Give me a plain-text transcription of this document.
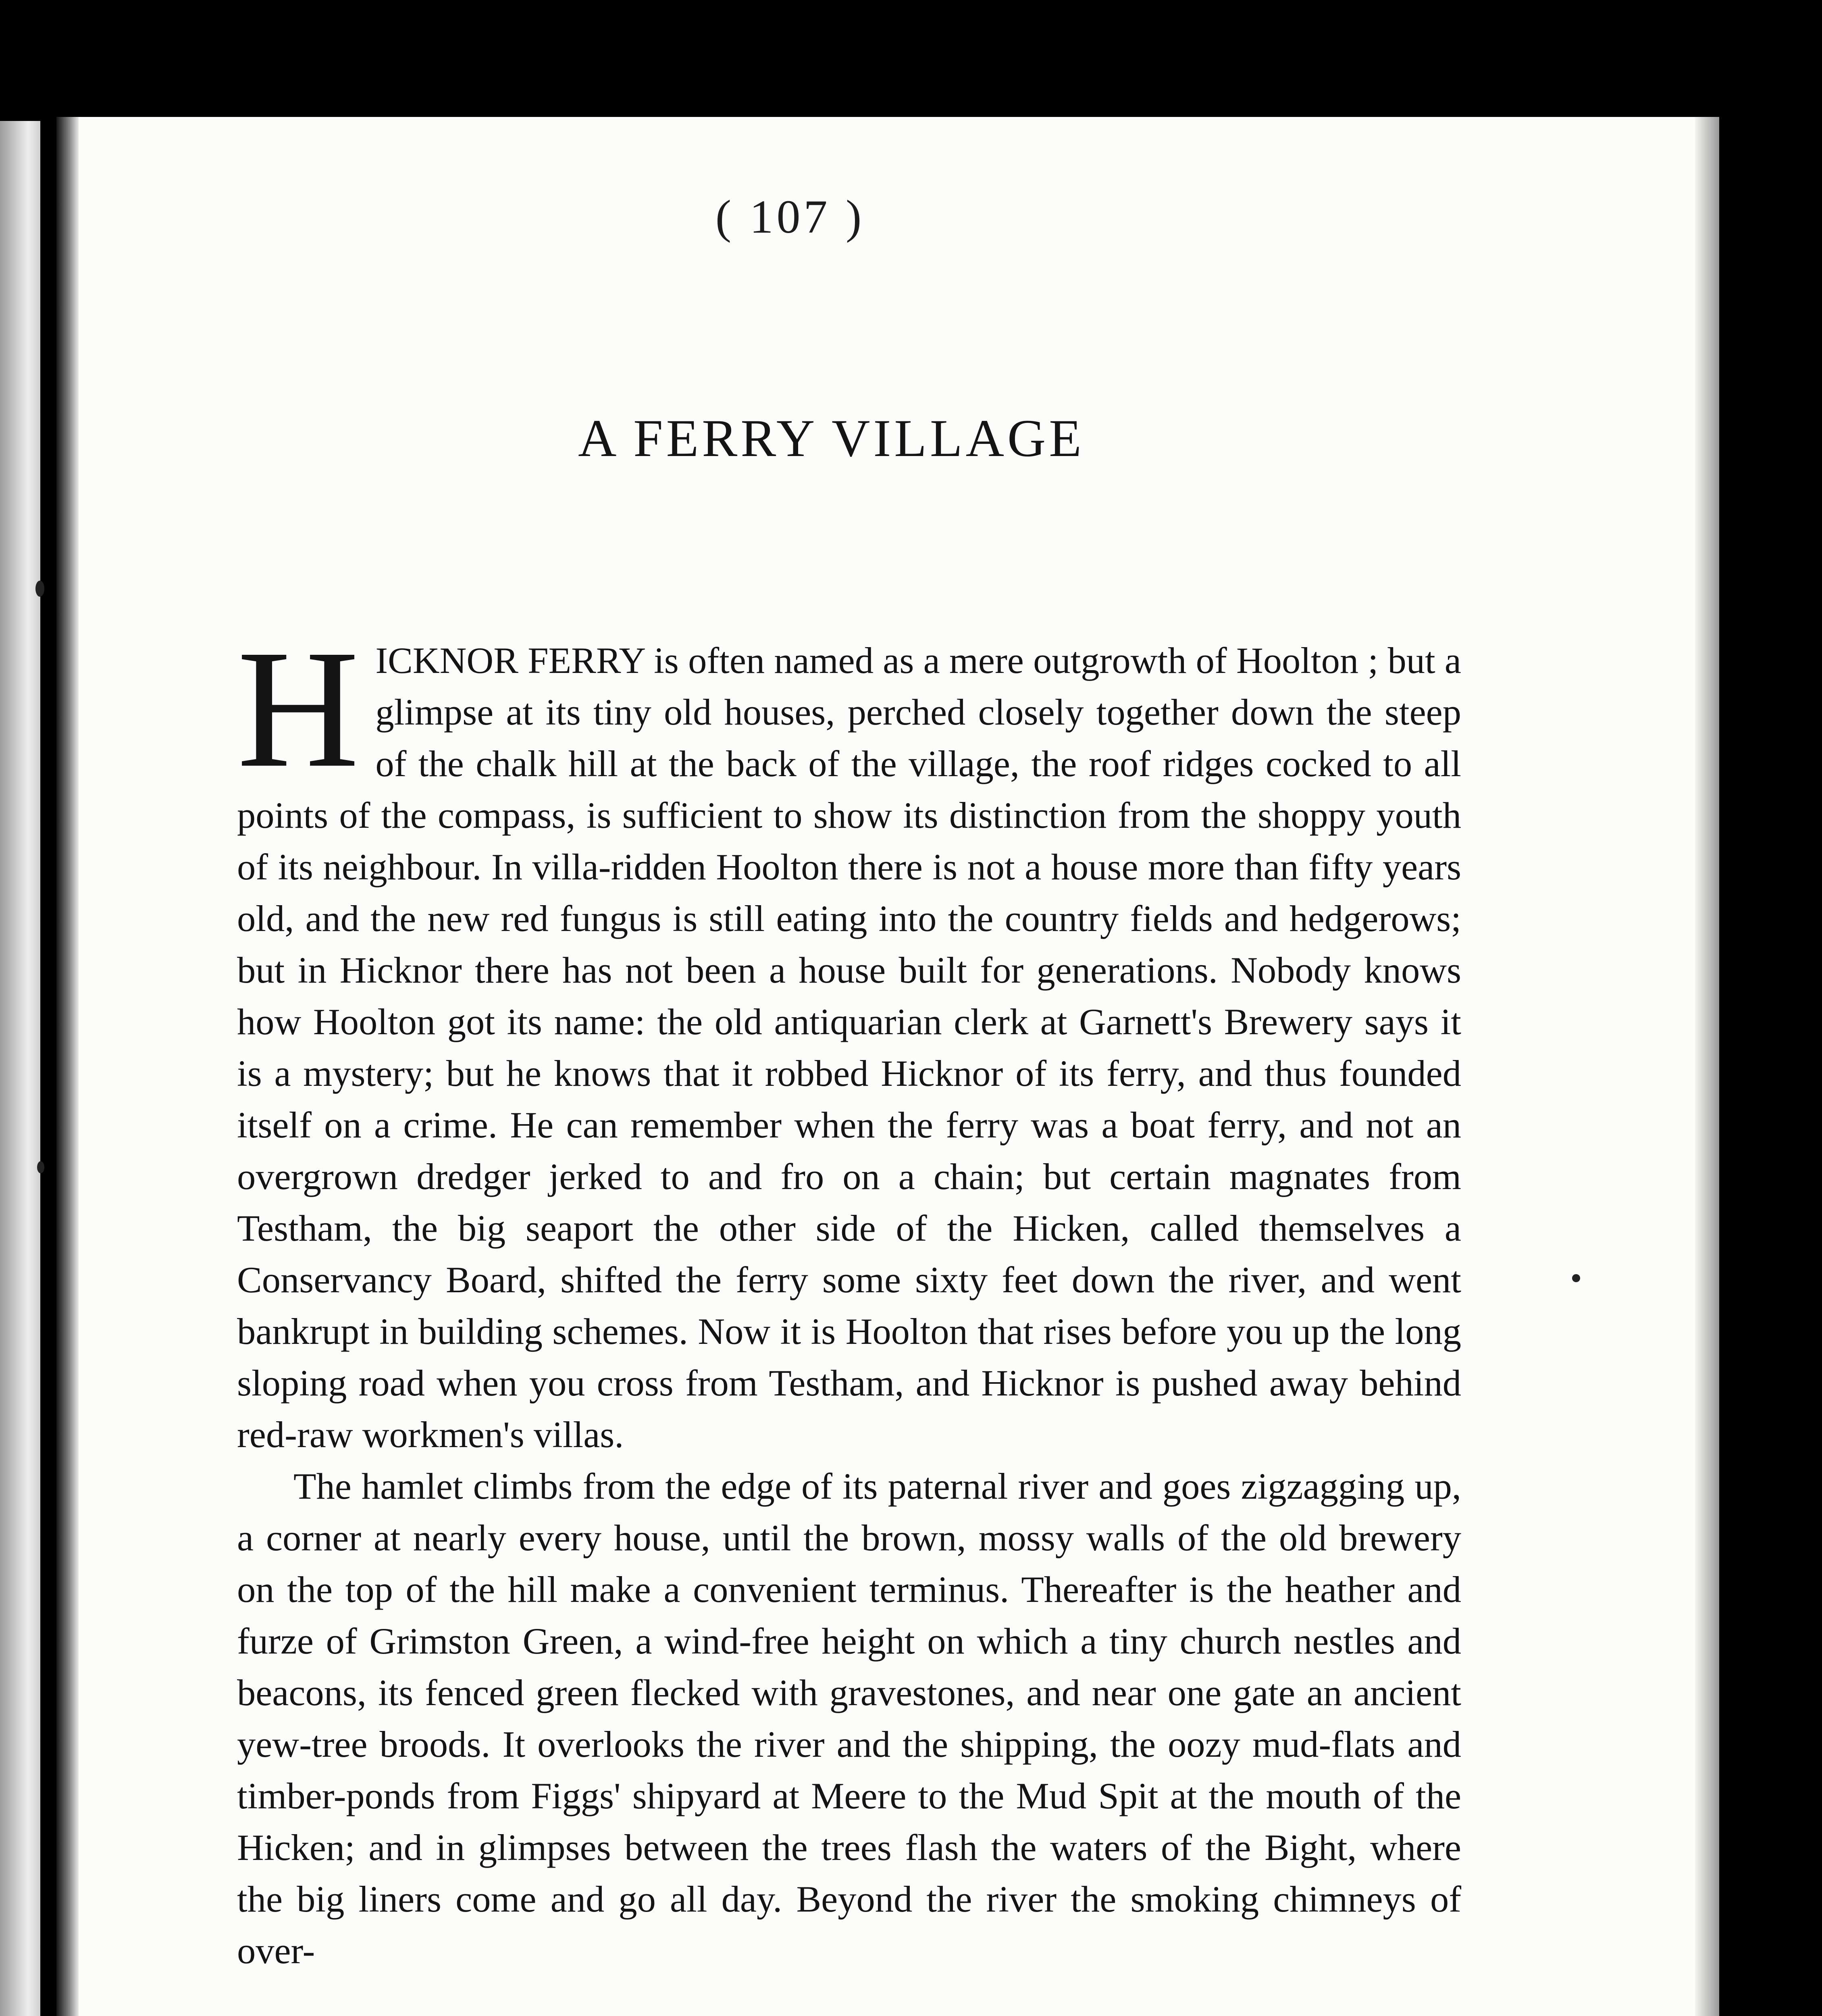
( 107 )
A FERRY VILLAGE

HICKNOR FERRY is often named as a mere outgrowth of Hoolton ; but a glimpse at its tiny old houses, perched closely together down the steep of the chalk hill at the back of the village, the roof ridges cocked to all points of the compass, is sufficient to show its distinction from the shoppy youth of its neighbour. In villa-ridden Hoolton there is not a house more than fifty years old, and the new red fungus is still eating into the country fields and hedgerows; but in Hicknor there has not been a house built for generations. Nobody knows how Hoolton got its name: the old antiquarian clerk at Garnett's Brewery says it is a mystery; but he knows that it robbed Hicknor of its ferry, and thus founded itself on a crime. He can remember when the ferry was a boat ferry, and not an overgrown dredger jerked to and fro on a chain; but certain magnates from Testham, the big seaport the other side of the Hicken, called themselves a Conservancy Board, shifted the ferry some sixty feet down the river, and went bankrupt in building schemes. Now it is Hoolton that rises before you up the long sloping road when you cross from Testham, and Hicknor is pushed away behind red-raw workmen's villas.

The hamlet climbs from the edge of its paternal river and goes zigzagging up, a corner at nearly every house, until the brown, mossy walls of the old brewery on the top of the hill make a convenient terminus. Thereafter is the heather and furze of Grimston Green, a wind-free height on which a tiny church nestles and beacons, its fenced green flecked with gravestones, and near one gate an ancient yew-tree broods. It overlooks the river and the shipping, the oozy mud-flats and timber-ponds from Figgs' shipyard at Meere to the Mud Spit at the mouth of the Hicken; and in glimpses between the trees flash the waters of the Bight, where the big liners come and go all day. Beyond the river the smoking chimneys of over-
